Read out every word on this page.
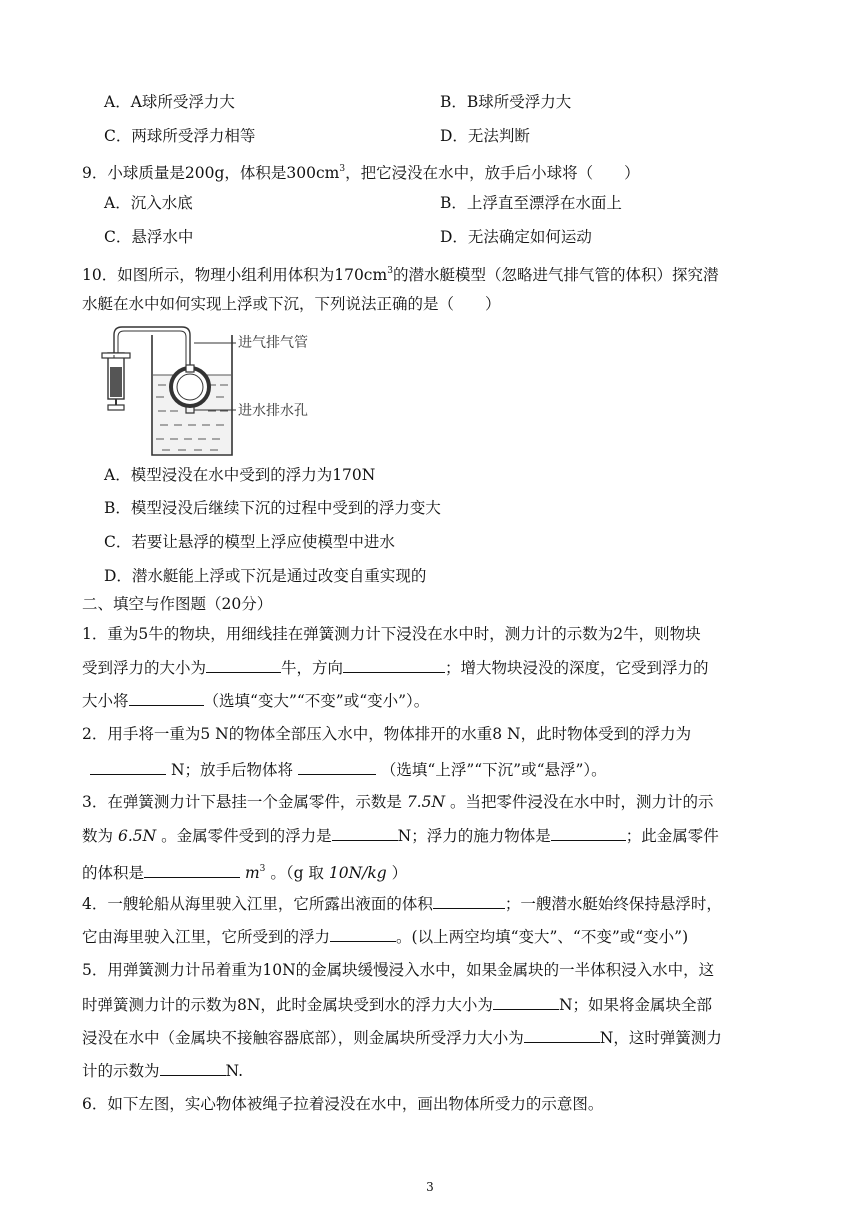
A．A球所受浮力大	B．B球所受浮力大
C．两球所受浮力相等	D．无法判断
9．小球质量是200g，体积是$300cm^3$，把它浸没在水中，放手后小球将（　　）
A．沉入水底	B．上浮直至漂浮在水面上
C．悬浮水中	D．无法确定如何运动
10．如图所示，物理小组利用体积为$170cm^3$的潜水艇模型（忽略进气排气管的体积）探究潜
水艇在水中如何实现上浮或下沉，下列说法正确的是（　　）
进气排气管
进水排水孔
A．模型浸没在水中受到的浮力为170N
B．模型浸没后继续下沉的过程中受到的浮力变大
C．若要让悬浮的模型上浮应使模型中进水
D．潜水艇能上浮或下沉是通过改变自重实现的
二、填空与作图题（20分）
1．重为5牛的物块，用细线挂在弹簧测力计下浸没在水中时，测力计的示数为2牛，则物块
受到浮力的大小为	牛，方向	；增大物块浸没的深度，它受到浮力的
大小将	（选填“变大”“不变”或“变小”）。
2．用手将一重为5 N的物体全部压入水中，物体排开的水重8 N，此时物体受到的浮力为
N；放手后物体将	（选填“上浮”“下沉”或“悬浮”）。
3．在弹簧测力计下悬挂一个金属零件，示数是 7.5N 。当把零件浸没在水中时，测力计的示
数为 6.5N 。金属零件受到的浮力是	N；浮力的施力物体是	；此金属零件
的体积是	$m^3$ 。（g 取 10N/kg ）
4．一艘轮船从海里驶入江里，它所露出液面的体积	；一艘潜水艇始终保持悬浮时，
它由海里驶入江里，它所受到的浮力	。(以上两空均填“变大”、“不变”或“变小”)
5．用弹簧测力计吊着重为10N的金属块缓慢浸入水中，如果金属块的一半体积浸入水中，这
时弹簧测力计的示数为8N，此时金属块受到水的浮力大小为	N；如果将金属块全部
浸没在水中（金属块不接触容器底部），则金属块所受浮力大小为	N，这时弹簧测力
计的示数为	N.
6．如下左图，实心物体被绳子拉着浸没在水中，画出物体所受力的示意图。
3
